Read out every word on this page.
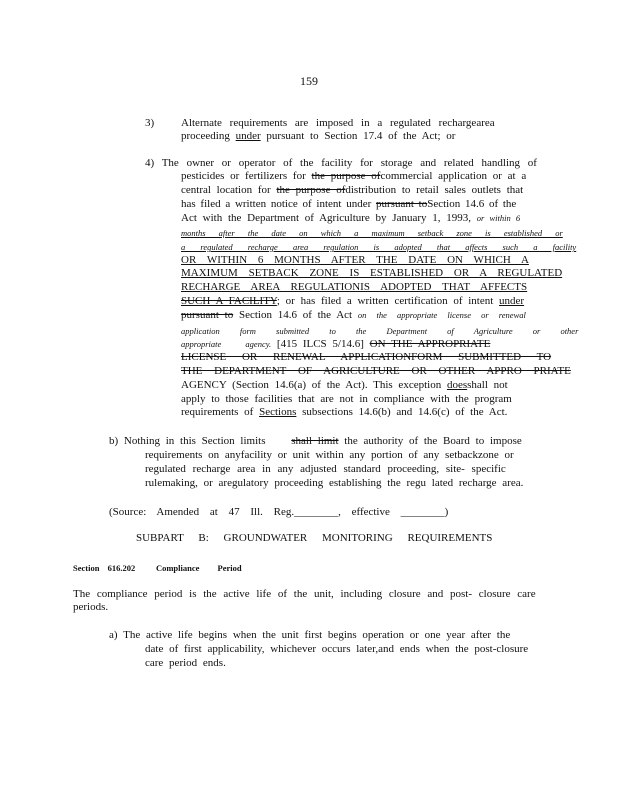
159
3) Alternate requirements are imposed in a regulated rechargearea
proceeding under pursuant to Section 17.4 of the Act; or
4) The owner or operator of the facility for storage and related handling of
pesticides or fertilizers for the purpose ofcommercial application or at a
central location for the purpose ofdistribution to retail sales outlets that
has filed a written notice of intent under pursuant toSection 14.6 of the
Act with the Department of Agriculture by January 1, 1993, or within 6
months after the date on which a maximum setback zone is established or
a regulated recharge area regulation is adopted that affects such a facility
OR WITHIN 6 MONTHS AFTER THE DATE ON WHICH A
MAXIMUM SETBACK ZONE IS ESTABLISHED OR A REGULATED
RECHARGE AREA REGULATIONIS ADOPTED THAT AFFECTS
SUCH A FACILITY; or has filed a written certification of intent under
pursuant to Section 14.6 of the Act on the appropriate license or renewal
application form submitted to the Department of Agriculture or other
appropriate agency. [415 ILCS 5/14.6] ON THE APPROPRIATE
LICENSE OR RENEWAL APPLICATIONFORM SUBMITTED TO
THE DEPARTMENT OF AGRICULTURE OR OTHER APPRO PRIATE
AGENCY (Section 14.6(a) of the Act). This exception doesshall not
apply to those facilities that are not in compliance with the program
requirements of Sections subsections 14.6(b) and 14.6(c) of the Act.
b) Nothing in this Section limits shall limit the authority of the Board to impose
requirements on anyfacility or unit within any portion of any setbackzone or
regulated recharge area in any adjusted standard proceeding, site- specific
rulemaking, or aregulatory proceeding establishing the regu lated recharge area.
(Source: Amended at 47 Ill. Reg.________, effective ________)
SUBPART B: GROUNDWATER MONITORING REQUIREMENTS
Section 616.202 Compliance Period
The compliance period is the active life of the unit, including closure and post- closure care
periods.
a) The active life begins when the unit first begins operation or one year after the
date of first applicability, whichever occurs later,and ends when the post-closure
care period ends.
